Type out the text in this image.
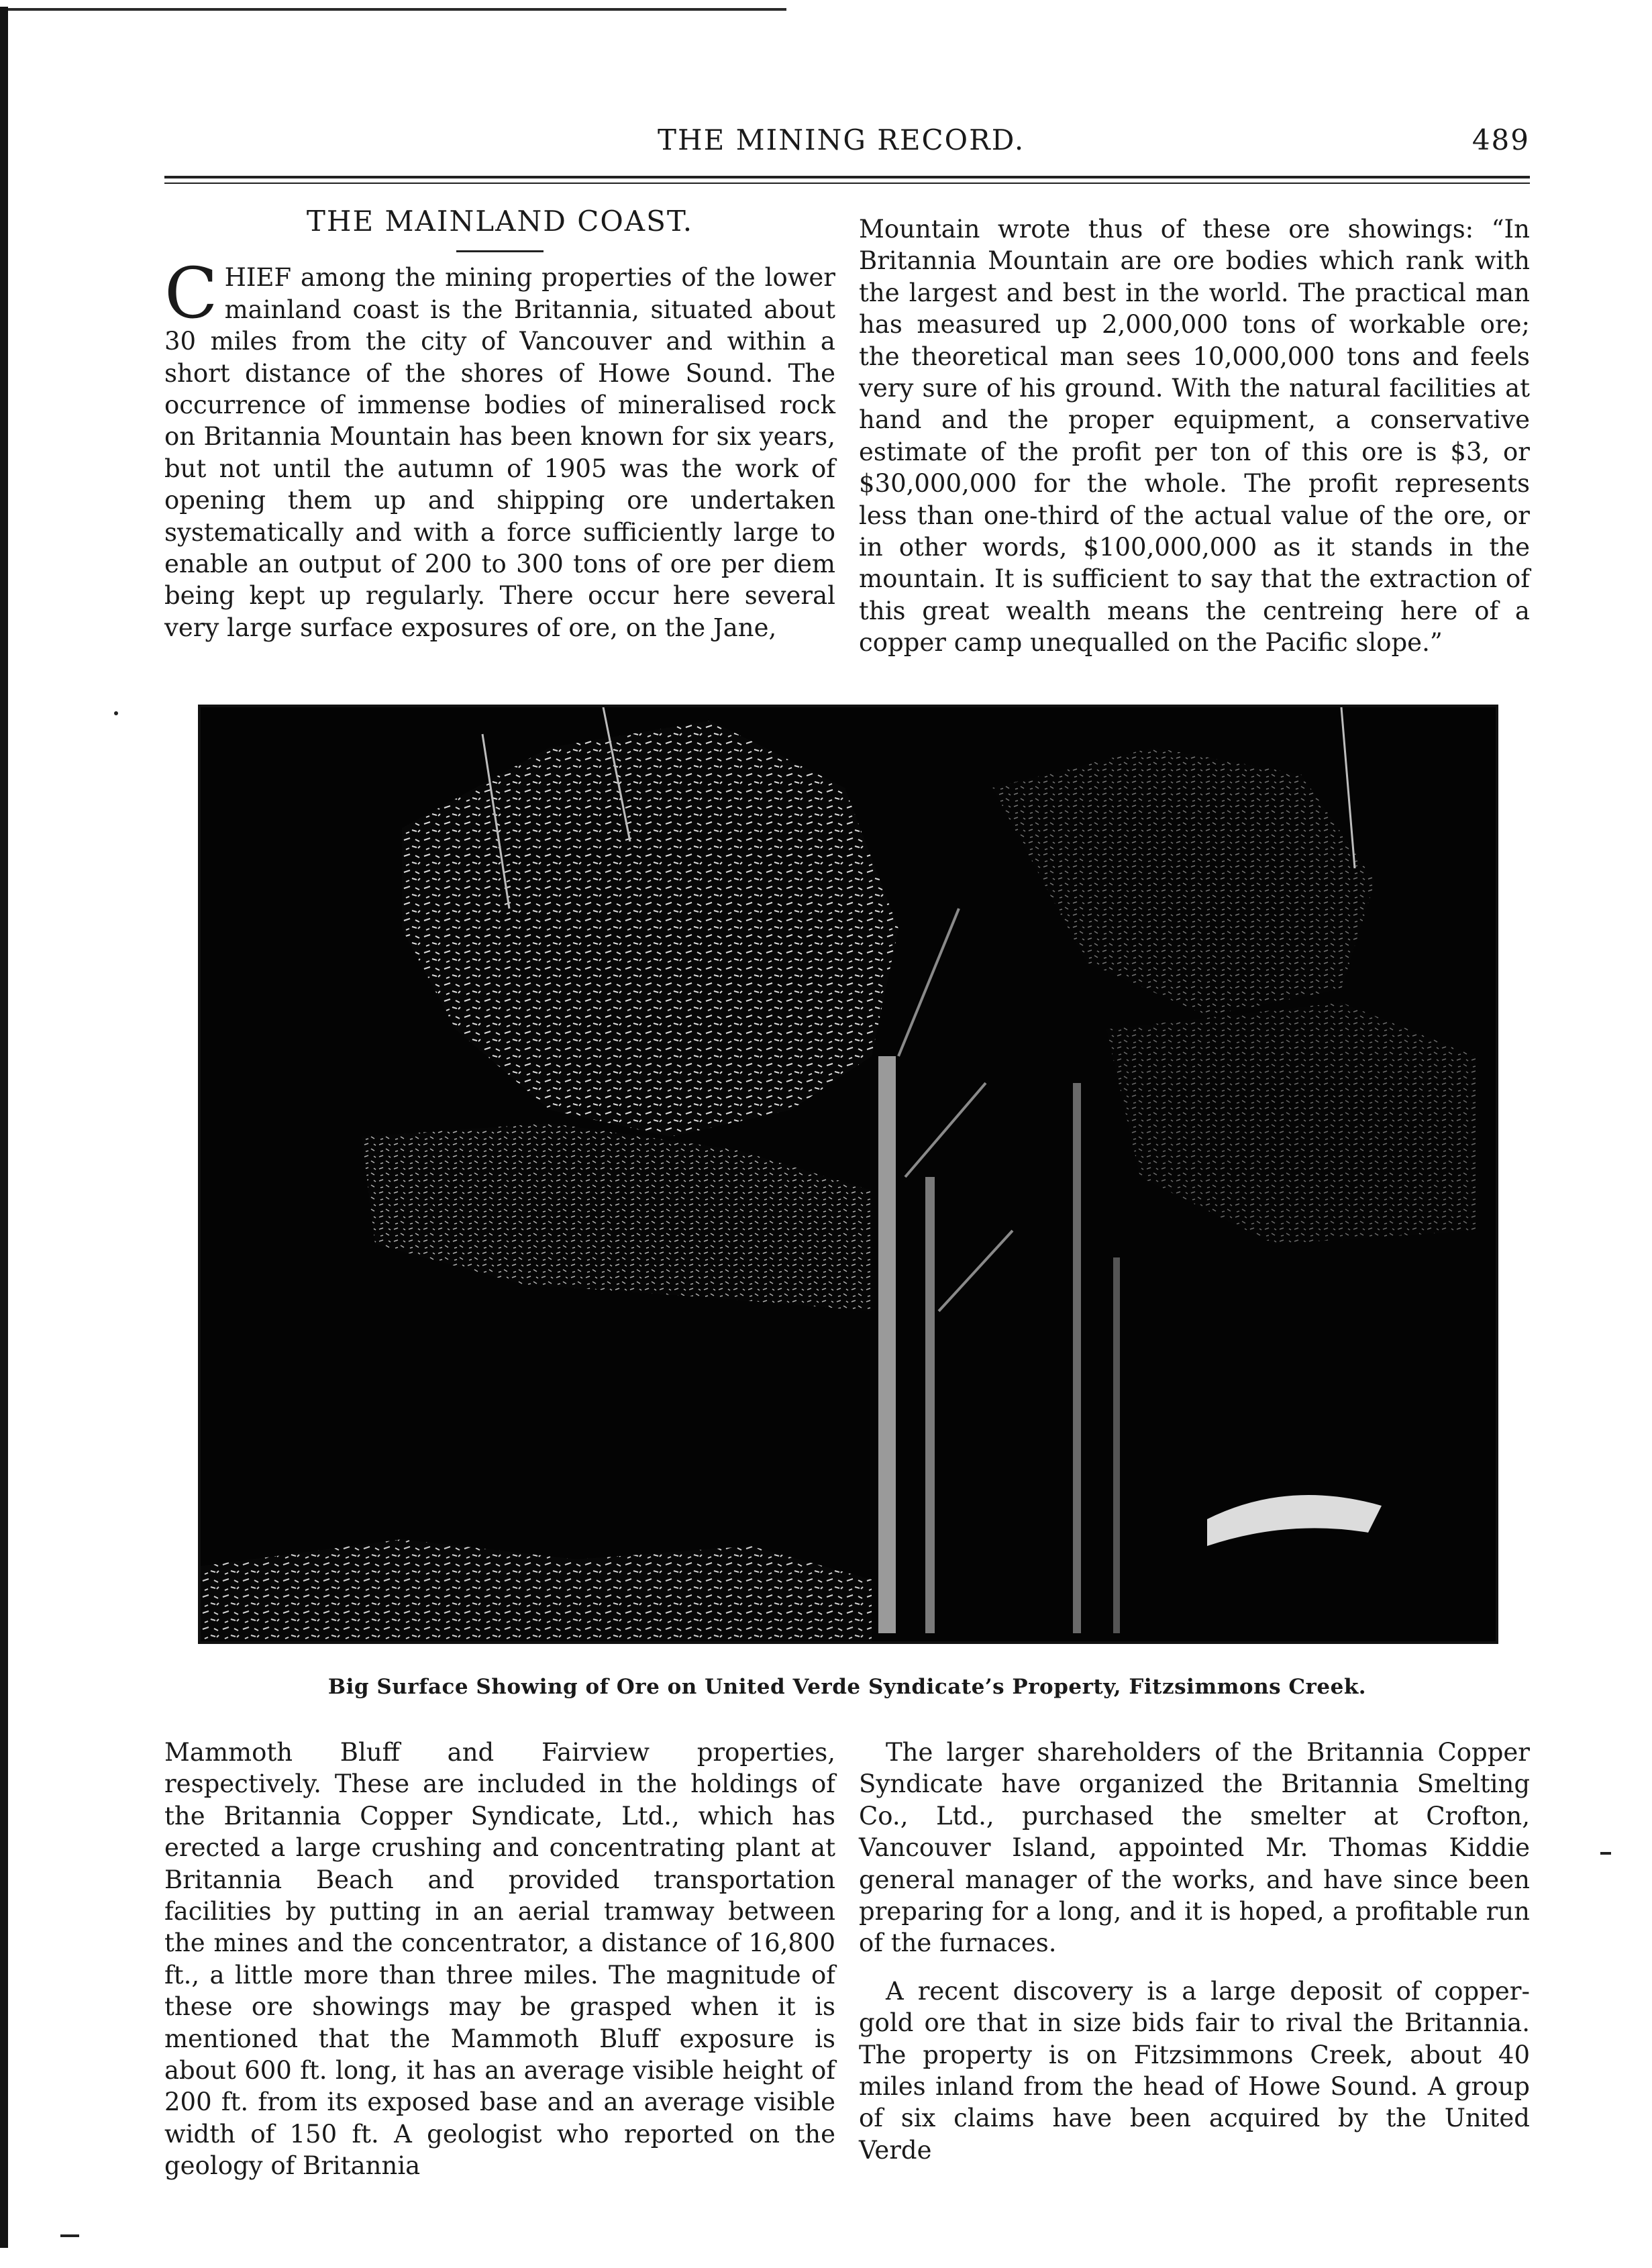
THE MINING RECORD.	489
THE MAINLAND COAST.

CHIEF among the mining properties of the lower mainland coast is the Britannia, situated about 30 miles from the city of Vancouver and within a short distance of the shores of Howe Sound. The occurrence of immense bodies of mineralised rock on Britannia Mountain has been known for six years, but not until the autumn of 1905 was the work of opening them up and shipping ore undertaken systematically and with a force sufficiently large to enable an output of 200 to 300 tons of ore per diem being kept up regularly. There occur here several very large surface exposures of ore, on the Jane,

Mountain wrote thus of these ore showings: “In Britannia Mountain are ore bodies which rank with the largest and best in the world. The practical man has measured up 2,000,000 tons of workable ore; the theoretical man sees 10,000,000 tons and feels very sure of his ground. With the natural facilities at hand and the proper equipment, a conservative estimate of the profit per ton of this ore is $3, or $30,000,000 for the whole. The profit represents less than one-third of the actual value of the ore, or in other words, $100,000,000 as it stands in the mountain. It is sufficient to say that the extraction of this great wealth means the centreing here of a copper camp unequalled on the Pacific slope.”

Big Surface Showing of Ore on United Verde Syndicate’s Property, Fitzsimmons Creek.

Mammoth Bluff and Fairview properties, respectively. These are included in the holdings of the Britannia Copper Syndicate, Ltd., which has erected a large crushing and concentrating plant at Britannia Beach and provided transportation facilities by putting in an aerial tramway between the mines and the concentrator, a distance of 16,800 ft., a little more than three miles. The magnitude of these ore showings may be grasped when it is mentioned that the Mammoth Bluff exposure is about 600 ft. long, it has an average visible height of 200 ft. from its exposed base and an average visible width of 150 ft. A geologist who reported on the geology of Britannia

The larger shareholders of the Britannia Copper Syndicate have organized the Britannia Smelting Co., Ltd., purchased the smelter at Crofton, Vancouver Island, appointed Mr. Thomas Kiddie general manager of the works, and have since been preparing for a long, and it is hoped, a profitable run of the furnaces.

A recent discovery is a large deposit of copper-gold ore that in size bids fair to rival the Britannia. The property is on Fitzsimmons Creek, about 40 miles inland from the head of Howe Sound. A group of six claims have been acquired by the United Verde
